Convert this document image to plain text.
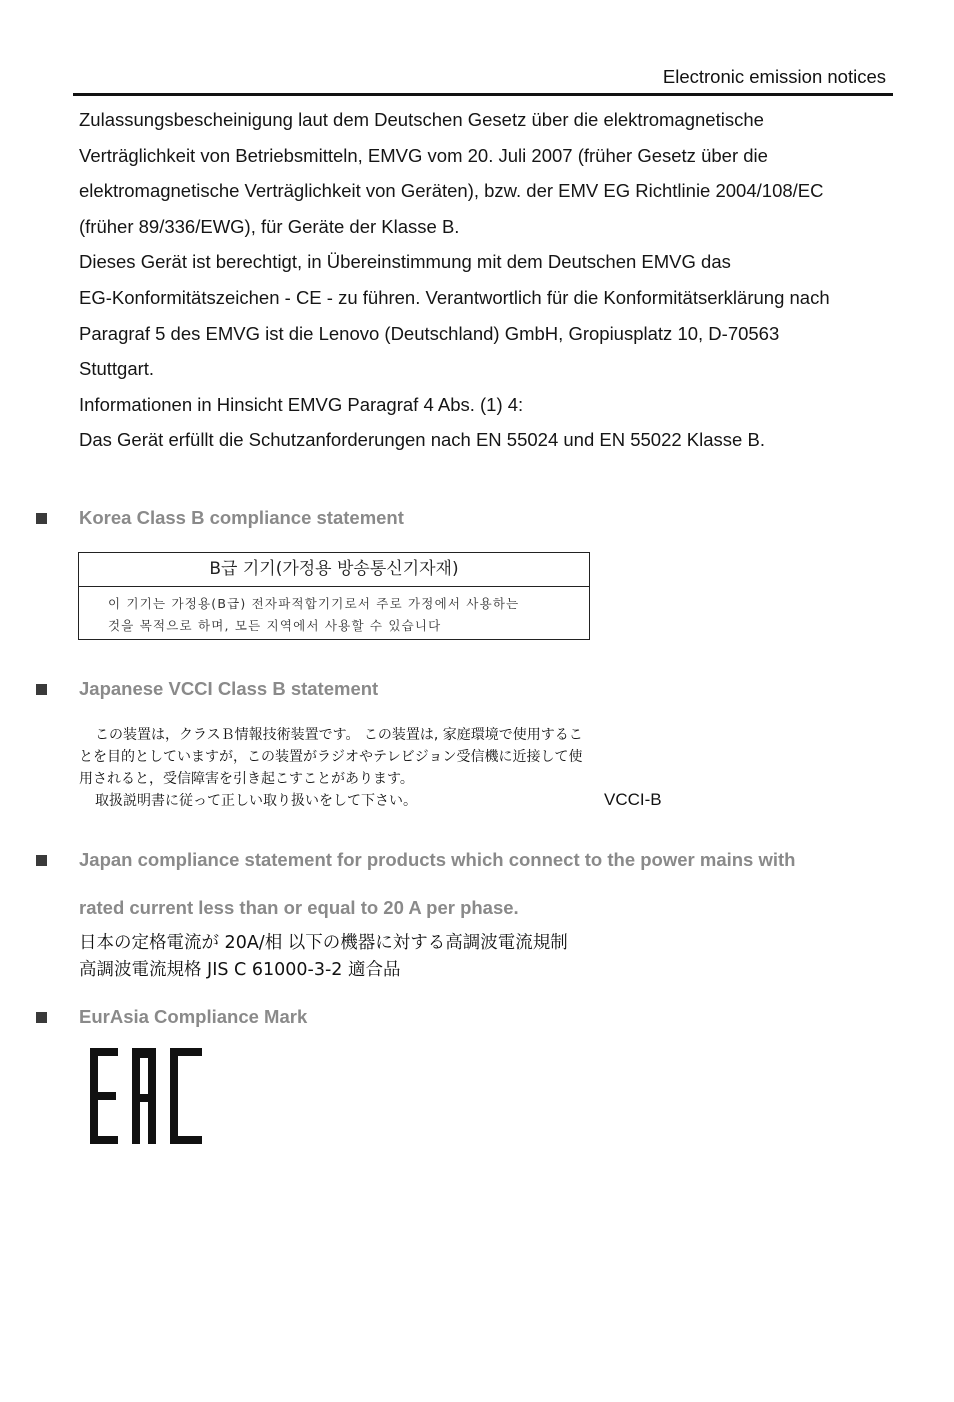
Electronic emission notices

Zulassungsbescheinigung laut dem Deutschen Gesetz über die elektromagnetische

Verträglichkeit von Betriebsmitteln, EMVG vom 20. Juli 2007 (früher Gesetz über die

elektromagnetische Verträglichkeit von Geräten), bzw. der EMV EG Richtlinie 2004/108/EC

(früher 89/336/EWG), für Geräte der Klasse B.

Dieses Gerät ist berechtigt, in Übereinstimmung mit dem Deutschen EMVG das

EG-Konformitätszeichen - CE - zu führen. Verantwortlich für die Konformitätserklärung nach

Paragraf 5 des EMVG ist die Lenovo (Deutschland) GmbH, Gropiusplatz 10, D-70563

Stuttgart.

Informationen in Hinsicht EMVG Paragraf 4 Abs. (1) 4:

Das Gerät erfüllt die Schutzanforderungen nach EN 55024 und EN 55022 Klasse B.

Korea Class B compliance statement
B급 기기(가정용 방송통신기자재)
이 기기는 가정용(B급) 전자파적합기기로서 주로 가정에서 사용하는
것을 목적으로 하며, 모든 지역에서 사용할 수 있습니다
Japanese VCCI Class B statement

この装置は，クラスＢ情報技術装置です。 この装置は, 家庭環境で使用するこ

とを目的としていますが，この装置がラジオやテレビジョン受信機に近接して使

用されると，受信障害を引き起こすことがあります。

取扱説明書に従って正しい取り扱いをして下さい。	VCCI-B
Japan compliance statement for products which connect to the power mains with
rated current less than or equal to 20 A per phase.

日本の定格電流が 20A/相 以下の機器に対する高調波電流規制

高調波電流規格 JIS C 61000-3-2 適合品

EurAsia Compliance Mark
